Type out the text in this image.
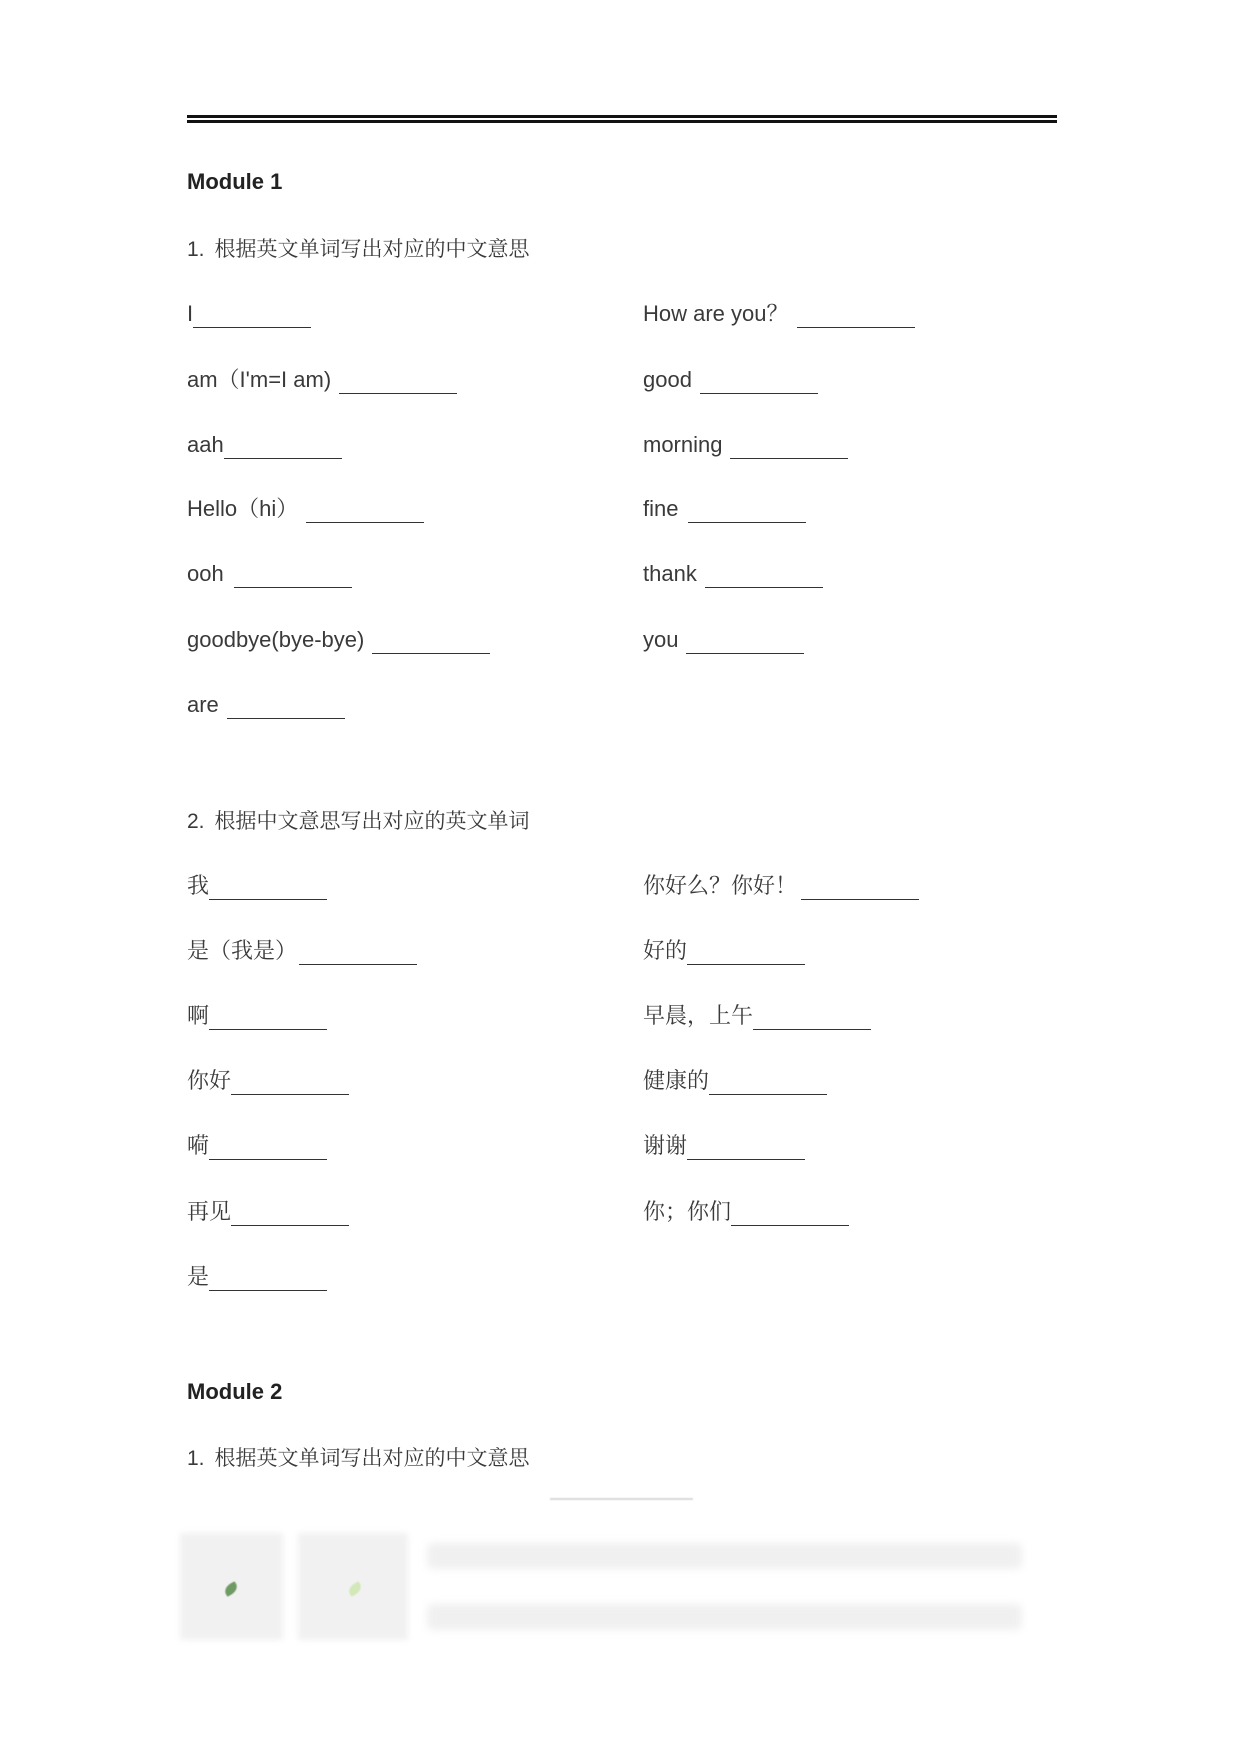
Module 1
1. 根据英文单词写出对应的中文意思
I
am（I'm=I am)
aah
Hello（hi）
ooh
goodbye(bye-bye)
are
How are you？
good
morning
fine
thank
you
2. 根据中文意思写出对应的英文单词
我
是（我是）
啊
你好
嗬
再见
是
你好么？你好！
好的
早晨，上午
健康的
谢谢
你；你们
Module 2
1. 根据英文单词写出对应的中文意思
